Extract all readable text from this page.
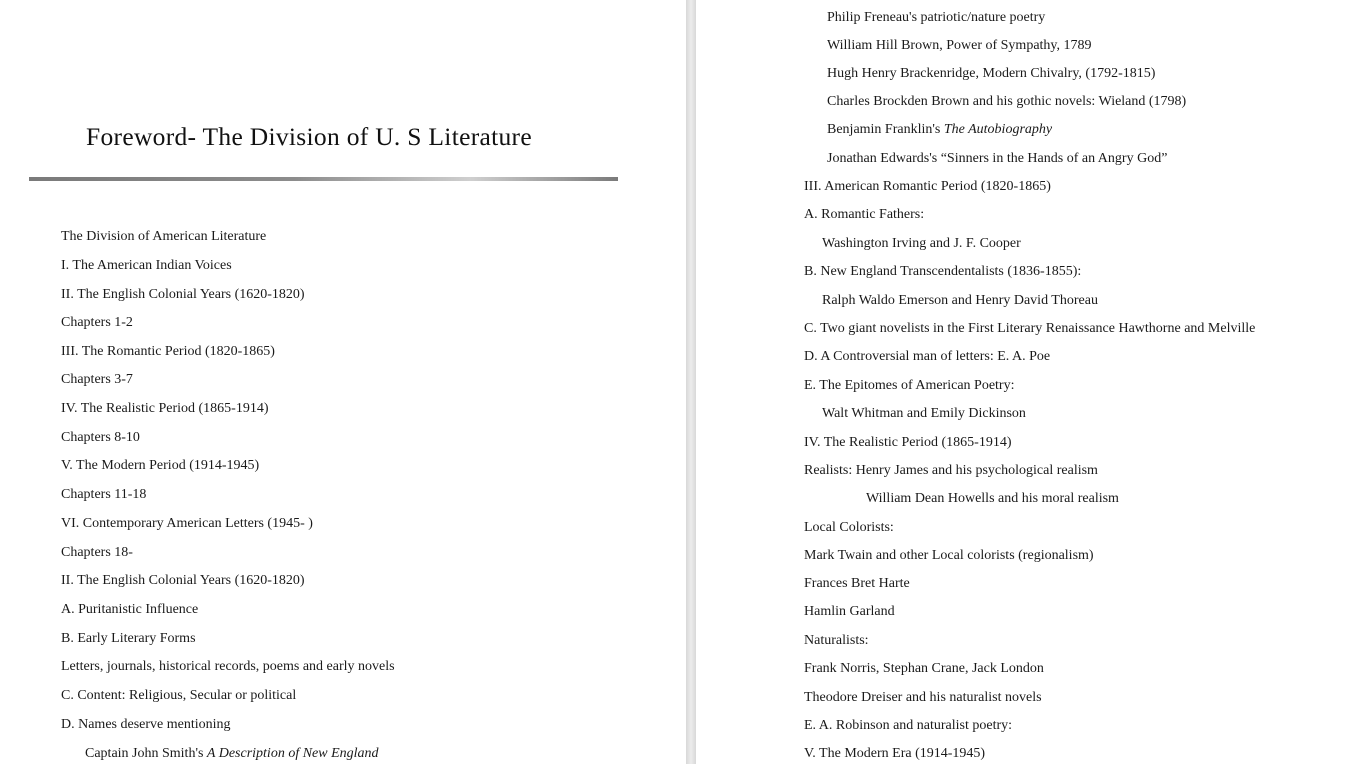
Foreword- The Division of U. S Literature
The Division of American Literature
I. The American Indian Voices
II. The English Colonial Years (1620-1820)
Chapters 1-2
III. The Romantic Period (1820-1865)
Chapters 3-7
IV. The Realistic Period (1865-1914)
Chapters 8-10
V. The Modern Period (1914-1945)
Chapters 11-18
VI. Contemporary American Letters (1945- )
Chapters 18-
II. The English Colonial Years (1620-1820)
A. Puritanistic Influence
B. Early Literary Forms
Letters, journals, historical records, poems and early novels
C. Content: Religious, Secular or political
D. Names deserve mentioning
Captain John Smith's A Description of New England
Philip Freneau's patriotic/nature poetry
William Hill Brown, Power of Sympathy, 1789
Hugh Henry Brackenridge, Modern Chivalry, (1792-1815)
Charles Brockden Brown and his gothic novels: Wieland (1798)
Benjamin Franklin's The Autobiography
Jonathan Edwards's “Sinners in the Hands of an Angry God”
III. American Romantic Period (1820-1865)
A. Romantic Fathers:
Washington Irving and J. F. Cooper
B. New England Transcendentalists (1836-1855):
Ralph Waldo Emerson and Henry David Thoreau
C. Two giant novelists in the First Literary Renaissance Hawthorne and Melville
D. A Controversial man of letters: E. A. Poe
E. The Epitomes of American Poetry:
Walt Whitman and Emily Dickinson
IV. The Realistic Period (1865-1914)
Realists: Henry James and his psychological realism
William Dean Howells and his moral realism
Local Colorists:
Mark Twain and other Local colorists (regionalism)
Frances Bret Harte
Hamlin Garland
Naturalists:
Frank Norris, Stephan Crane, Jack London
Theodore Dreiser and his naturalist novels
E. A. Robinson and naturalist poetry:
V. The Modern Era (1914-1945)
